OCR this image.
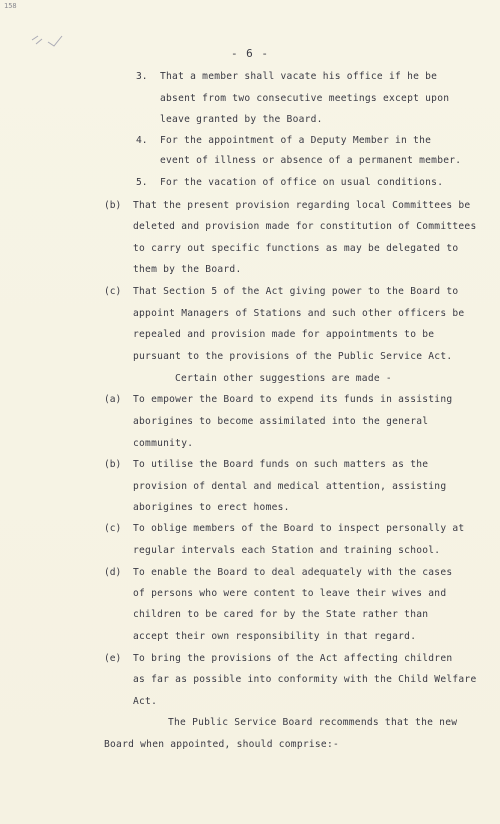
158
- 6 -
3. That a member shall vacate his office if he be
absent from two consecutive meetings except upon
leave granted by the Board.
4. For the appointment of a Deputy Member in the
event of illness or absence of a permanent member.
5. For the vacation of office on usual conditions.
(b) That the present provision regarding local Committees be
deleted and provision made for constitution of Committees
to carry out specific functions as may be delegated to
them by the Board.
(c) That Section 5 of the Act giving power to the Board to
appoint Managers of Stations and such other officers be
repealed and provision made for appointments to be
pursuant to the provisions of the Public Service Act.
Certain other suggestions are made -
(a) To empower the Board to expend its funds in assisting
aborigines to become assimilated into the general
community.
(b) To utilise the Board funds on such matters as the
provision of dental and medical attention, assisting
aborigines to erect homes.
(c) To oblige members of the Board to inspect personally at
regular intervals each Station and training school.
(d) To enable the Board to deal adequately with the cases
of persons who were content to leave their wives and
children to be cared for by the State rather than
accept their own responsibility in that regard.
(e) To bring the provisions of the Act affecting children
as far as possible into conformity with the Child Welfare
Act.
The Public Service Board recommends that the new
Board when appointed, should comprise:-
